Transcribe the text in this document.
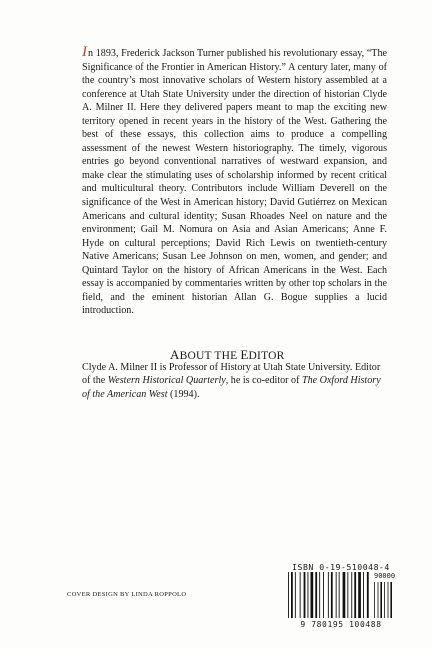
In 1893, Frederick Jackson Turner published his revolutionary essay, “The Significance of the Frontier in American History.” A century later, many of the country’s most innovative scholars of Western history assembled at a conference at Utah State University under the direction of historian Clyde A. Milner II. Here they delivered papers meant to map the exciting new territory opened in recent years in the history of the West. Gathering the best of these essays, this collection aims to produce a compelling assessment of the newest Western historiography. The timely, vigorous entries go beyond conventional narratives of westward expansion, and make clear the stimulating uses of scholarship informed by recent critical and multicultural theory. Contributors include William Deverell on the significance of the West in American history; David Gutiérrez on Mexican Americans and cultural identity; Susan Rhoades Neel on nature and the environment; Gail M. Nomura on Asia and Asian Americans; Anne F. Hyde on cultural perceptions; David Rich Lewis on twentieth-century Native Americans; Susan Lee Johnson on men, women, and gender; and Quintard Taylor on the history of African Americans in the West. Each essay is accompanied by commentaries written by other top scholars in the field, and the eminent historian Allan G. Bogue supplies a lucid introduction.

ABOUT THE EDITOR

Clyde A. Milner II is Professor of History at Utah State University. Editor of the Western Historical Quarterly, he is co-editor of The Oxford History of the American West (1994).

COVER DESIGN BY LINDA ROPPOLO

ISBN 0-19-510048-4
90000
9 780195 100488
